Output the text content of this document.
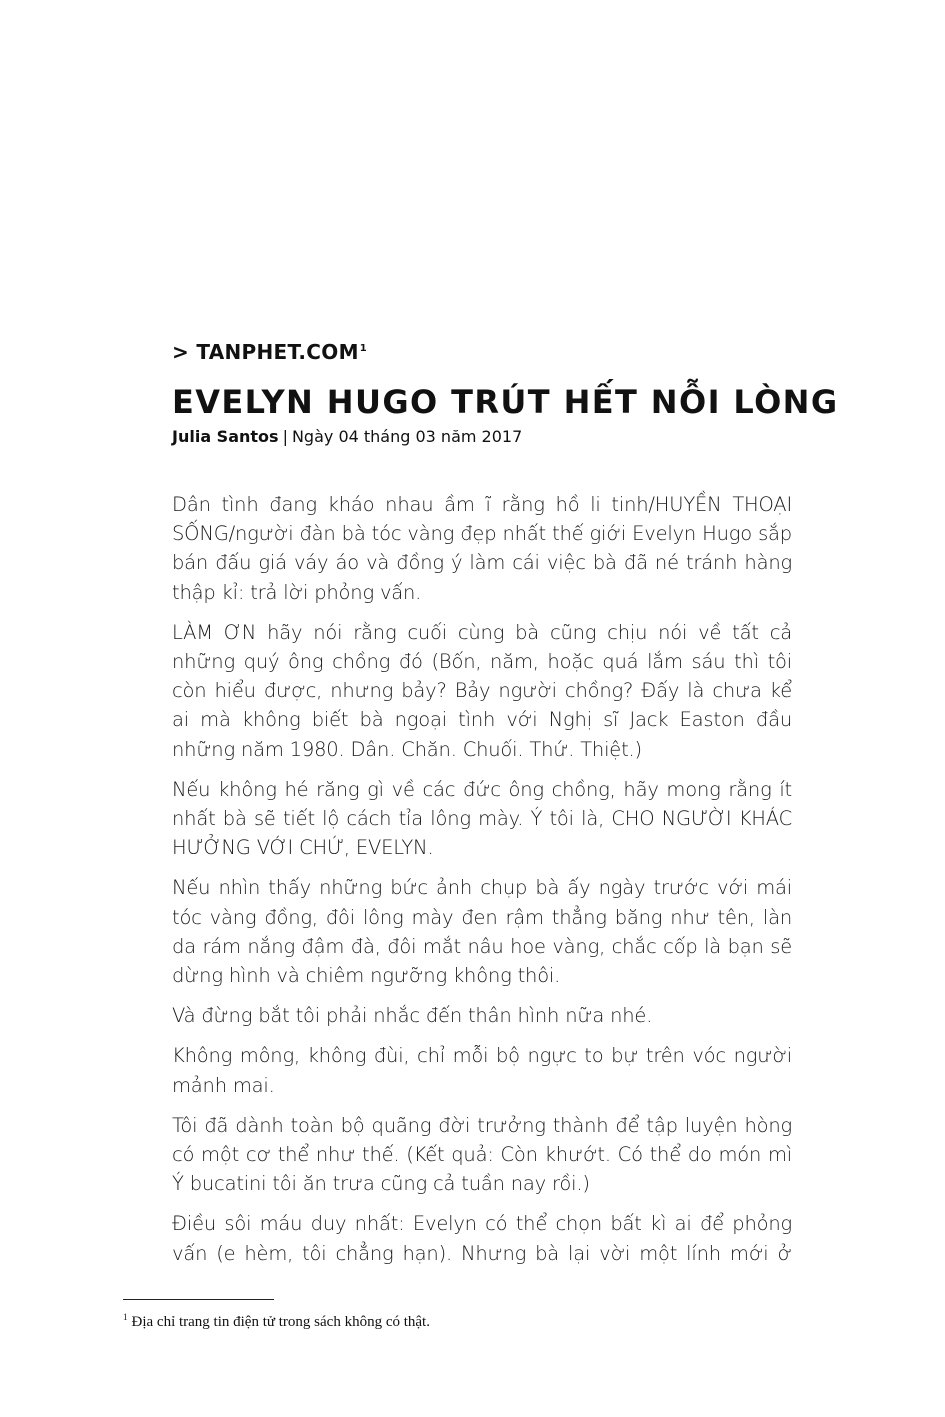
> $TANPHET.COM^1$
EVELYN HUGO TRÚT HẾT NỖI LÒNG
Julia Santos | Ngày 04 tháng 03 năm 2017

Dân tình đang kháo nhau ầm ĩ rằng hồ li tinh/HUYỀN THOẠI SỐNG/người đàn bà tóc vàng đẹp nhất thế giới Evelyn Hugo sắp bán đấu giá váy áo và đồng ý làm cái việc bà đã né tránh hàng thập kỉ: trả lời phỏng vấn.

LÀM ƠN hãy nói rằng cuối cùng bà cũng chịu nói về tất cả những quý ông chồng đó (Bốn, năm, hoặc quá lắm sáu thì tôi còn hiểu được, nhưng bảy? Bảy người chồng? Đấy là chưa kể ai mà không biết bà ngoại tình với Nghị sĩ Jack Easton đầu những năm 1980. Dân. Chăn. Chuối. Thứ. Thiệt.)

Nếu không hé răng gì về các đức ông chồng, hãy mong rằng ít nhất bà sẽ tiết lộ cách tỉa lông mày. Ý tôi là, CHO NGƯỜI KHÁC HƯỞNG VỚI CHỨ, EVELYN.

Nếu nhìn thấy những bức ảnh chụp bà ấy ngày trước với mái tóc vàng đồng, đôi lông mày đen rậm thẳng băng như tên, làn da rám nắng đậm đà, đôi mắt nâu hoe vàng, chắc cốp là bạn sẽ dừng hình và chiêm ngưỡng không thôi.

Và đừng bắt tôi phải nhắc đến thân hình nữa nhé.

Không mông, không đùi, chỉ mỗi bộ ngực to bự trên vóc người mảnh mai.

Tôi đã dành toàn bộ quãng đời trưởng thành để tập luyện hòng có một cơ thể như thế. (Kết quả: Còn khướt. Có thể do món mì Ý bucatini tôi ăn trưa cũng cả tuần nay rồi.)

Điều sôi máu duy nhất: Evelyn có thể chọn bất kì ai để phỏng vấn (e hèm, tôi chẳng hạn). Nhưng bà lại vời một lính mới ở

$^1$ Địa chỉ trang tin điện tử trong sách không có thật.
